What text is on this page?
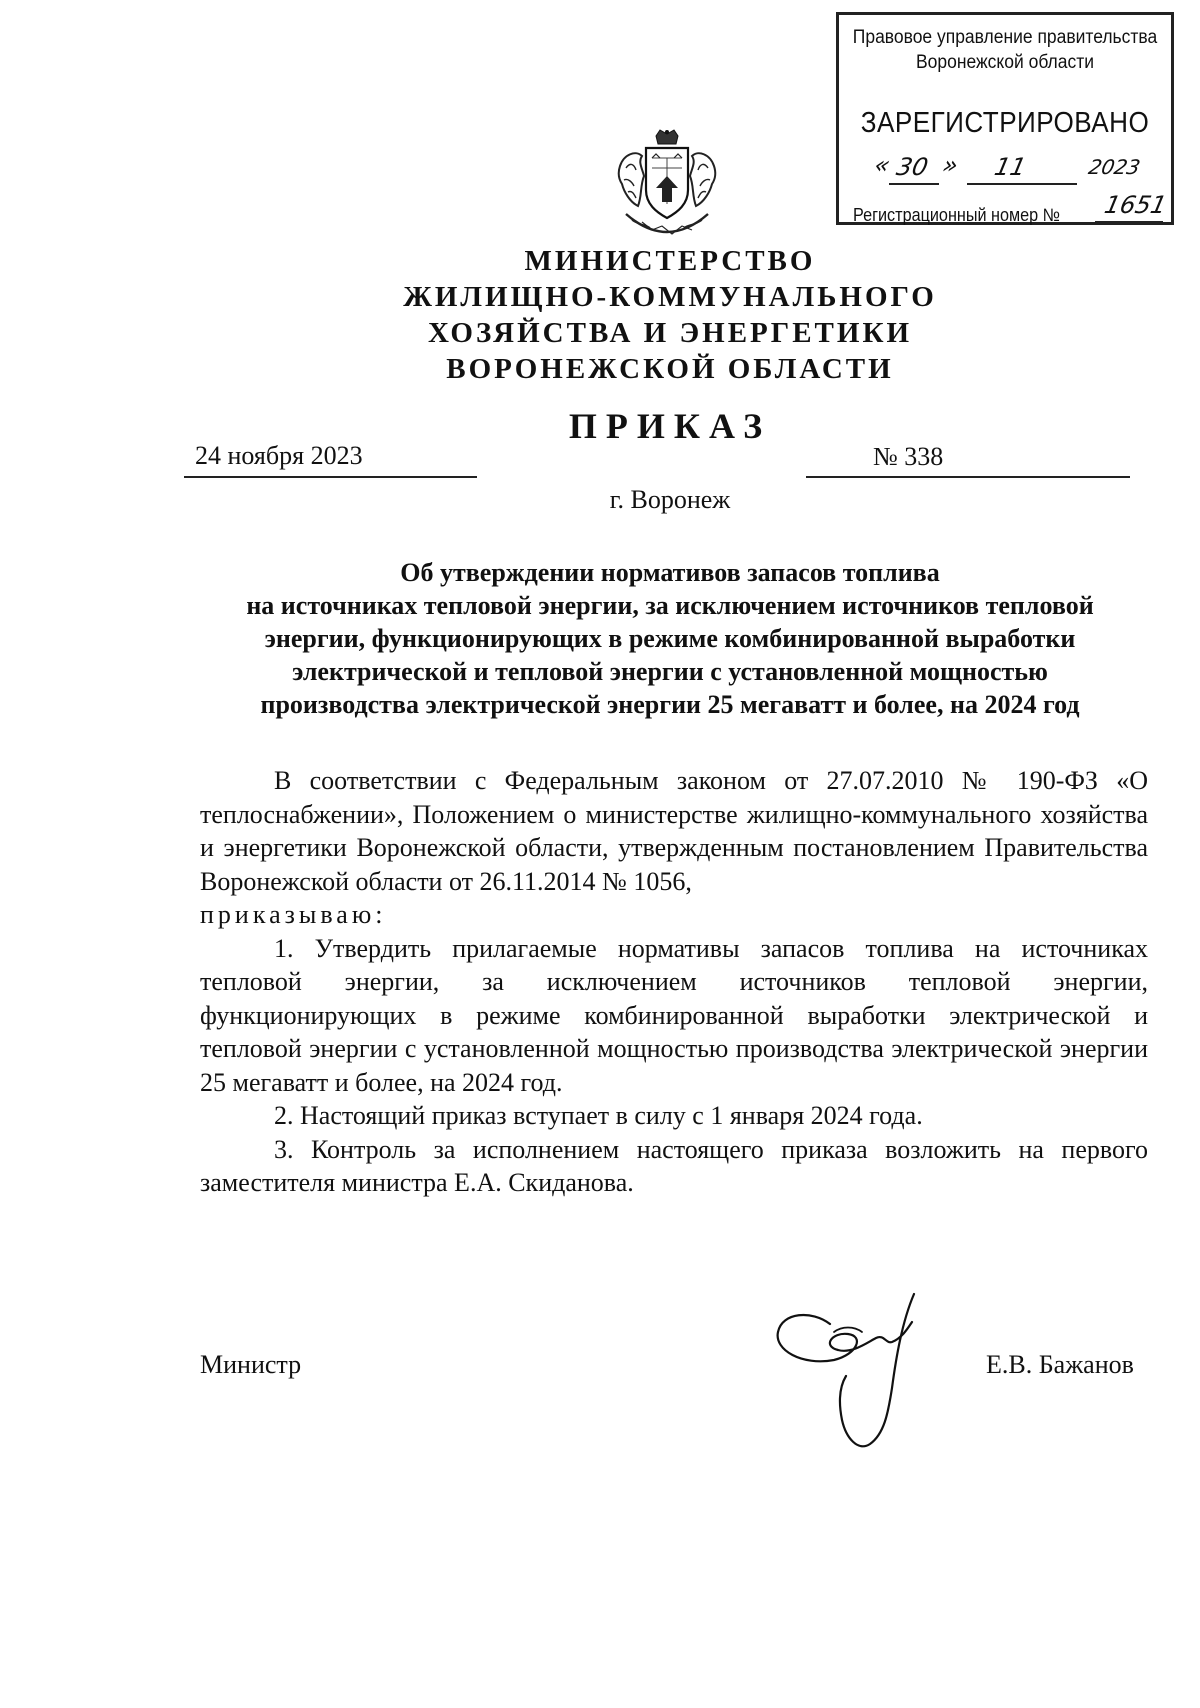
Правовое управление правительства
Воронежской области
ЗАРЕГИСТРИРОВАНО
« 30 » 11	2023
Регистрационный номер № 1651
МИНИСТЕРСТВО
ЖИЛИЩНО-КОММУНАЛЬНОГО
ХОЗЯЙСТВА И ЭНЕРГЕТИКИ
ВОРОНЕЖСКОЙ ОБЛАСТИ
ПРИКАЗ
24 ноября 2023	№ 338
г. Воронеж
Об утверждении нормативов запасов топлива
на источниках тепловой энергии, за исключением источников тепловой
энергии, функционирующих в режиме комбинированной выработки
электрической и тепловой энергии с установленной мощностью
производства электрической энергии 25 мегаватт и более, на 2024 год

В соответствии с Федеральным законом от 27.07.2010 № 190-ФЗ «О теплоснабжении», Положением о министерстве жилищно-коммунального хозяйства и энергетики Воронежской области, утвержденным постановлением Правительства Воронежской области от 26.11.2014 № 1056,

приказываю:

1. Утвердить прилагаемые нормативы запасов топлива на источниках тепловой энергии, за исключением источников тепловой энергии, функционирующих в режиме комбинированной выработки электрической и тепловой энергии с установленной мощностью производства электрической энергии 25 мегаватт и более, на 2024 год.

2. Настоящий приказ вступает в силу с 1 января 2024 года.

3. Контроль за исполнением настоящего приказа возложить на первого заместителя министра Е.А. Скиданова.

Министр	Е.В. Бажанов
